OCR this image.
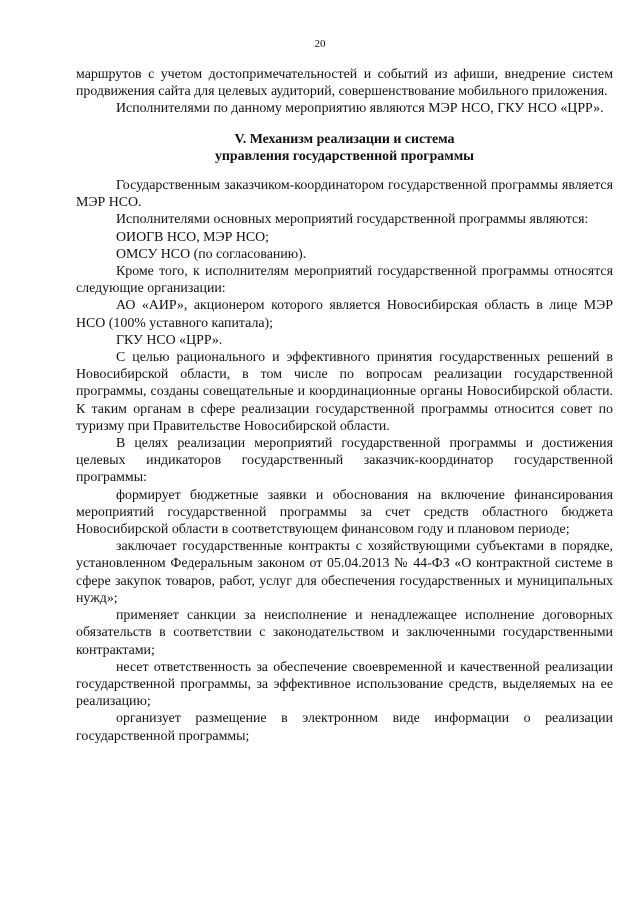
20

маршрутов с учетом достопримечательностей и событий из афиши, внедрение систем продвижения сайта для целевых аудиторий, совершенствование мобильного приложения.

Исполнителями по данному мероприятию являются МЭР НСО, ГКУ НСО «ЦРР».

V. Механизм реализации и система
управления государственной программы

Государственным заказчиком-координатором государственной программы является МЭР НСО.

Исполнителями основных мероприятий государственной программы являются:

ОИОГВ НСО, МЭР НСО;

ОМСУ НСО (по согласованию).

Кроме того, к исполнителям мероприятий государственной программы относятся следующие организации:

АО «АИР», акционером которого является Новосибирская область в лице МЭР НСО (100% уставного капитала);

ГКУ НСО «ЦРР».

С целью рационального и эффективного принятия государственных решений в Новосибирской области, в том числе по вопросам реализации государственной программы, созданы совещательные и координационные органы Новосибирской области. К таким органам в сфере реализации государственной программы относится совет по туризму при Правительстве Новосибирской области.

В целях реализации мероприятий государственной программы и достижения целевых индикаторов государственный заказчик-координатор государственной программы:

формирует бюджетные заявки и обоснования на включение финансирования мероприятий государственной программы за счет средств областного бюджета Новосибирской области в соответствующем финансовом году и плановом периоде;

заключает государственные контракты с хозяйствующими субъектами в порядке, установленном Федеральным законом от 05.04.2013 № 44-ФЗ «О контрактной системе в сфере закупок товаров, работ, услуг для обеспечения государственных и муниципальных нужд»;

применяет санкции за неисполнение и ненадлежащее исполнение договорных обязательств в соответствии с законодательством и заключенными государственными контрактами;

несет ответственность за обеспечение своевременной и качественной реализации государственной программы, за эффективное использование средств, выделяемых на ее реализацию;

организует размещение в электронном виде информации о реализации государственной программы;
